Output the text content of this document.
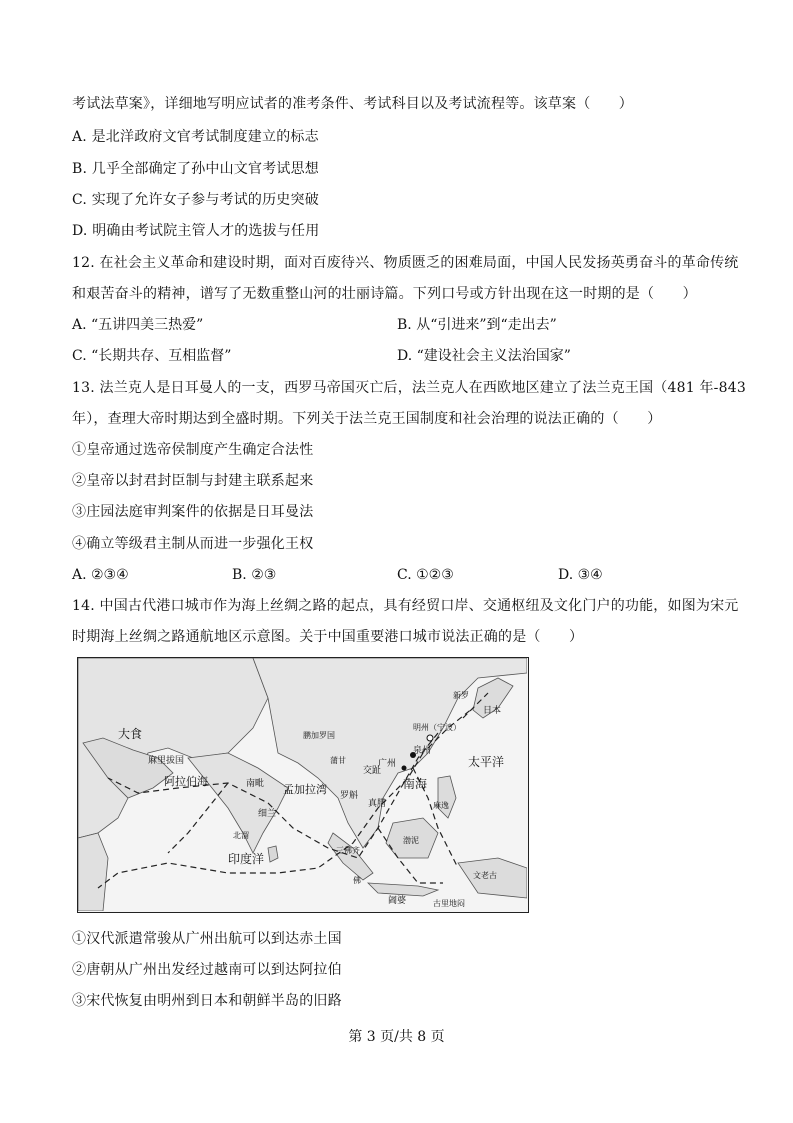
考试法草案》，详细地写明应试者的准考条件、考试科目以及考试流程等。该草案（　　）
A. 是北洋政府文官考试制度建立的标志
B. 几乎全部确定了孙中山文官考试思想
C. 实现了允许女子参与考试的历史突破
D. 明确由考试院主管人才的选拔与任用
12. 在社会主义革命和建设时期，面对百废待兴、物质匮乏的困难局面，中国人民发扬英勇奋斗的革命传统
和艰苦奋斗的精神，谱写了无数重整山河的壮丽诗篇。下列口号或方针出现在这一时期的是（　　）
A. “五讲四美三热爱”	B. 从“引进来”到“走出去”
C. “长期共存、互相监督”	D. “建设社会主义法治国家”
13. 法兰克人是日耳曼人的一支，西罗马帝国灭亡后，法兰克人在西欧地区建立了法兰克王国（481 年-843
年），查理大帝时期达到全盛时期。下列关于法兰克王国制度和社会治理的说法正确的（　　）
①皇帝通过选帝侯制度产生确定合法性
②皇帝以封君封臣制与封建主联系起来
③庄园法庭审判案件的依据是日耳曼法
④确立等级君主制从而进一步强化王权
A. ②③④	B. ②③	C. ①②③	D. ③④
14. 中国古代港口城市作为海上丝绸之路的起点，具有经贸口岸、交通枢纽及文化门户的功能，如图为宋元
时期海上丝绸之路通航地区示意图。关于中国重要港口城市说法正确的是（　　）
大食
阿拉伯海
麻里拔国
南毗
细兰
孟加拉湾
鹏加罗国
蒲甘
交趾
真腊
罗斛
南海
印度洋
太平洋
北溜
新罗
日本
明州（宁波）
泉州
广州
麻逸
渤泥
三佛齐
阇婆
文老古
古里地闷
佛
①汉代派遣常骏从广州出航可以到达赤土国
②唐朝从广州出发经过越南可以到达阿拉伯
③宋代恢复由明州到日本和朝鲜半岛的旧路
第 3 页/共 8 页
